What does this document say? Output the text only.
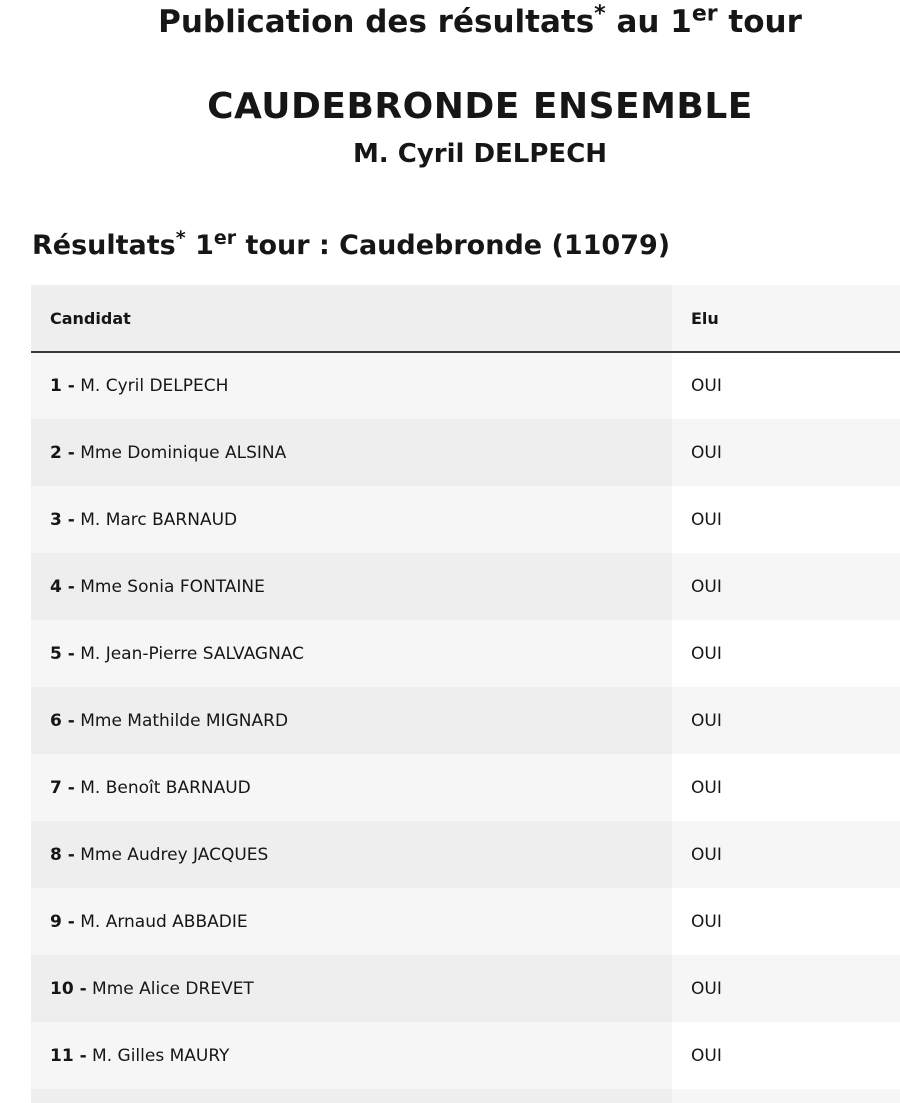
Publication des résultats* au 1er tour
CAUDEBRONDE ENSEMBLE
M. Cyril DELPECH
Résultats* 1er tour : Caudebronde (11079)
Candidat	Elu
1 - M. Cyril DELPECH	OUI
2 - Mme Dominique ALSINA	OUI
3 - M. Marc BARNAUD	OUI
4 - Mme Sonia FONTAINE	OUI
5 - M. Jean-Pierre SALVAGNAC	OUI
6 - Mme Mathilde MIGNARD	OUI
7 - M. Benoît BARNAUD	OUI
8 - Mme Audrey JACQUES	OUI
9 - M. Arnaud ABBADIE	OUI
10 - Mme Alice DREVET	OUI
11 - M. Gilles MAURY	OUI
